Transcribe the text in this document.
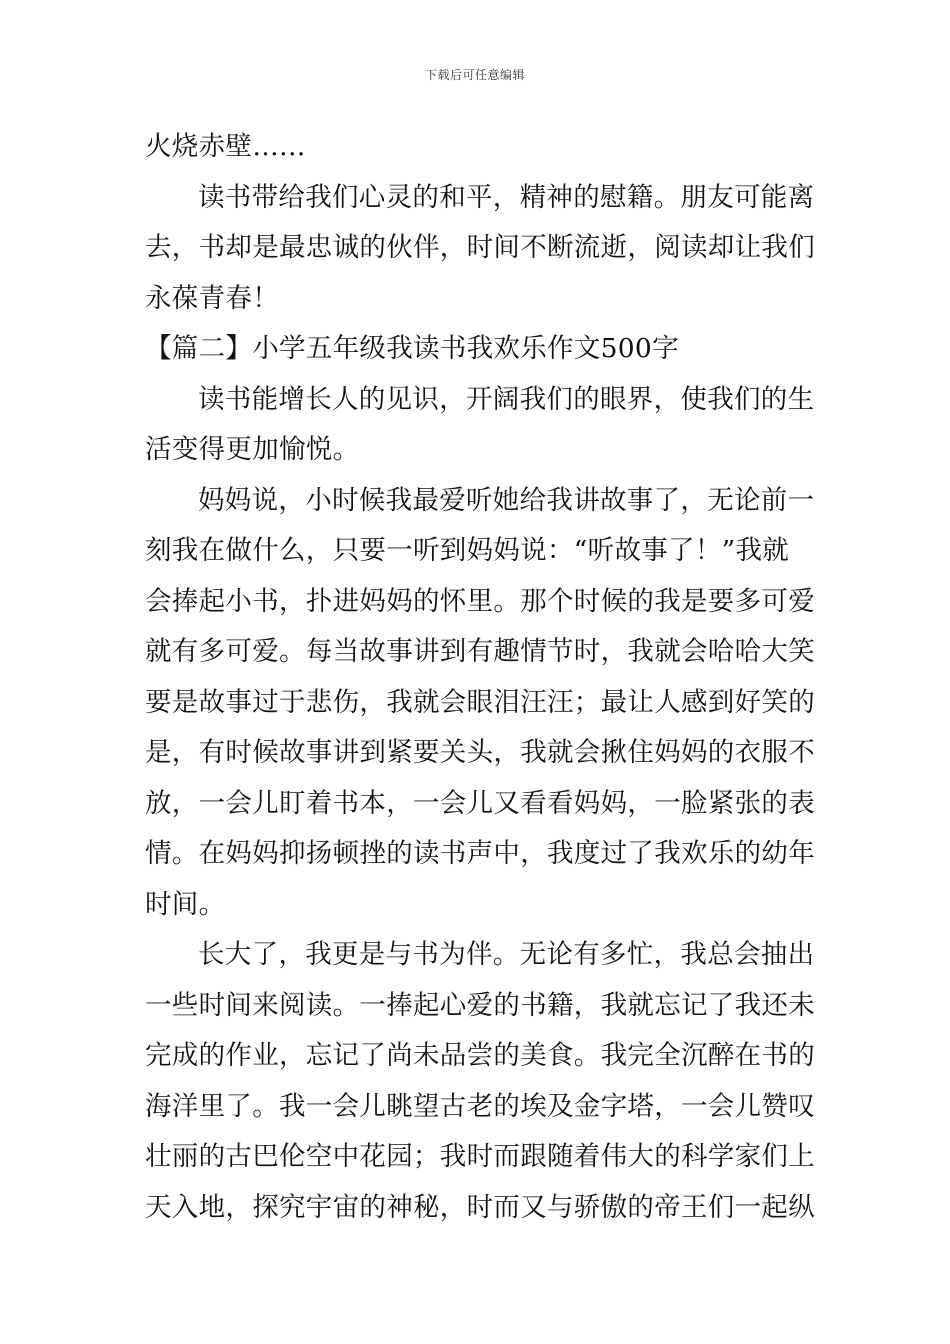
下载后可任意编辑
火烧赤壁……
读书带给我们心灵的和平，精神的慰籍。朋友可能离
去，书却是最忠诚的伙伴，时间不断流逝，阅读却让我们
永葆青春！
【篇二】小学五年级我读书我欢乐作文500字
读书能增长人的见识，开阔我们的眼界，使我们的生
活变得更加愉悦。
妈妈说，小时候我最爱听她给我讲故事了，无论前一
刻我在做什么，只要一听到妈妈说：“听故事了！”我就
会捧起小书，扑进妈妈的怀里。那个时候的我是要多可爱
就有多可爱。每当故事讲到有趣情节时，我就会哈哈大笑
要是故事过于悲伤，我就会眼泪汪汪；最让人感到好笑的
是，有时候故事讲到紧要关头，我就会揪住妈妈的衣服不
放，一会儿盯着书本，一会儿又看看妈妈，一脸紧张的表
情。在妈妈抑扬顿挫的读书声中，我度过了我欢乐的幼年
时间。
长大了，我更是与书为伴。无论有多忙，我总会抽出
一些时间来阅读。一捧起心爱的书籍，我就忘记了我还未
完成的作业，忘记了尚未品尝的美食。我完全沉醉在书的
海洋里了。我一会儿眺望古老的埃及金字塔，一会儿赞叹
壮丽的古巴伦空中花园；我时而跟随着伟大的科学家们上
天入地，探究宇宙的神秘，时而又与骄傲的帝王们一起纵
